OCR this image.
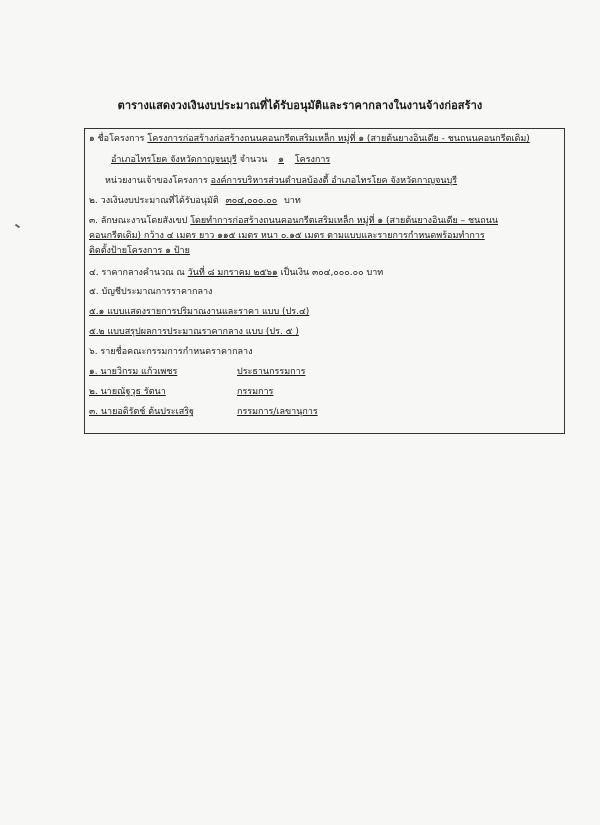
ตารางแสดงวงเงินงบประมาณที่ได้รับอนุมัติและราคากลางในงานจ้างก่อสร้าง
๑ ชื่อโครงการ โครงการก่อสร้างก่อสร้างถนนคอนกรีตเสริมเหล็ก หมู่ที่ ๑ (สายต้นยางอินเดีย - ชนถนนคอนกรีตเดิม)
อำเภอไทรโยค จังหวัดกาญจนบุรี จำนวน ๑ โครงการ
หน่วยงานเจ้าของโครงการ องค์การบริหารส่วนตำบลบ้องตี้ อำเภอไทรโยค จังหวัดกาญจนบุรี
๒. วงเงินงบประมาณที่ได้รับอนุมัติ ๓๐๔,๐๐๐.๐๐ บาท
๓. ลักษณะงานโดยสังเขป โดยทำการก่อสร้างถนนคอนกรีตเสริมเหล็ก หมู่ที่ ๑ (สายต้นยางอินเดีย – ชนถนน
คอนกรีตเดิม) กว้าง ๔ เมตร ยาว ๑๑๕ เมตร หนา ๐.๑๕ เมตร ตามแบบและรายการกำหนดพร้อมทำการ
ติดตั้งป้ายโครงการ ๑ ป้าย
๔. ราคากลางคำนวณ ณ วันที่ ๘ มกราคม ๒๕๖๑ เป็นเงิน ๓๐๔,๐๐๐.๐๐ บาท
๕. บัญชีประมาณการราคากลาง
๕.๑ แบบแสดงรายการปริมาณงานและราคา แบบ (ปร.๔)
๕.๒ แบบสรุปผลการประมาณราคากลาง แบบ (ปร. ๕ )
๖. รายชื่อคณะกรรมการกำหนดราคากลาง
๑. นายวิกรม แก้วเพชร	ประธานกรรมการ
๒. นายณัฐวุธ รัตนา	กรรมการ
๓. นายอดิรัตช์ ต้นประเสริฐ	กรรมการ/เลขานุการ
